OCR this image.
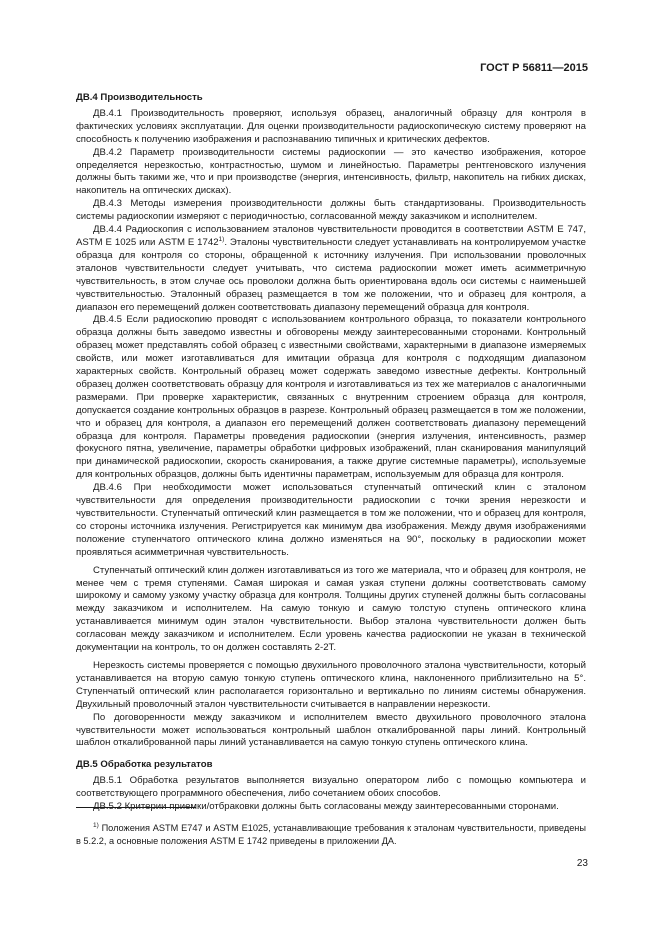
ГОСТ Р 56811—2015
ДВ.4 Производительность

ДВ.4.1 Производительность проверяют, используя образец, аналогичный образцу для контроля в фактических условиях эксплуатации. Для оценки производительности радиоскопическую систему проверяют на способность к получению изображения и распознаванию типичных и критических дефектов.

ДВ.4.2 Параметр производительности системы радиоскопии — это качество изображения, которое определяется нерезкостью, контрастностью, шумом и линейностью. Параметры рентгеновского излучения должны быть такими же, что и при производстве (энергия, интенсивность, фильтр, накопитель на гибких дисках, накопитель на оптических дисках).

ДВ.4.3 Методы измерения производительности должны быть стандартизованы. Производительность системы радиоскопии измеряют с периодичностью, согласованной между заказчиком и исполнителем.

ДВ.4.4 Радиоскопия с использованием эталонов чувствительности проводится в соответствии ASTM E 747, ASTM E 1025 или ASTM E 1742$^{1)}$. Эталоны чувствительности следует устанавливать на контролируемом участке образца для контроля со стороны, обращенной к источнику излучения. При использовании проволочных эталонов чувствительности следует учитывать, что система радиоскопии может иметь асимметричную чувствительность, в этом случае ось проволоки должна быть ориентирована вдоль оси системы с наименьшей чувствительностью. Эталонный образец размещается в том же положении, что и образец для контроля, а диапазон его перемещений должен соответствовать диапазону перемещений образца для контроля.

ДВ.4.5 Если радиоскопию проводят с использованием контрольного образца, то показатели контрольного образца должны быть заведомо известны и обговорены между заинтересованными сторонами. Контрольный образец может представлять собой образец с известными свойствами, характерными в диапазоне измеряемых свойств, или может изготавливаться для имитации образца для контроля с подходящим диапазоном характерных свойств. Контрольный образец может содержать заведомо известные дефекты. Контрольный образец должен соответствовать образцу для контроля и изготавливаться из тех же материалов с аналогичными размерами. При проверке характеристик, связанных с внутренним строением образца для контроля, допускается создание контрольных образцов в разрезе. Контрольный образец размещается в том же положении, что и образец для контроля, а диапазон его перемещений должен соответствовать диапазону перемещений образца для контроля. Параметры проведения радиоскопии (энергия излучения, интенсивность, размер фокусного пятна, увеличение, параметры обработки цифровых изображений, план сканирования манипуляций при динамической радиоскопии, скорость сканирования, а также другие системные параметры), используемые для контрольных образцов, должны быть идентичны параметрам, используемым для образца для контроля.

ДВ.4.6 При необходимости может использоваться ступенчатый оптический клин с эталоном чувствительности для определения производительности радиоскопии с точки зрения нерезкости и чувствительности. Ступенчатый оптический клин размещается в том же положении, что и образец для контроля, со стороны источника излучения. Регистрируется как минимум два изображения. Между двумя изображениями положение ступенчатого оптического клина должно изменяться на 90°, поскольку в радиоскопии может проявляться асимметричная чувствительность.

Ступенчатый оптический клин должен изготавливаться из того же материала, что и образец для контроля, не менее чем с тремя ступенями. Самая широкая и самая узкая ступени должны соответствовать самому широкому и самому узкому участку образца для контроля. Толщины других ступеней должны быть согласованы между заказчиком и исполнителем. На самую тонкую и самую толстую ступень оптического клина устанавливается минимум один эталон чувствительности. Выбор эталона чувствительности должен быть согласован между заказчиком и исполнителем. Если уровень качества радиоскопии не указан в технической документации на контроль, то он должен составлять 2-2Т.

Нерезкость системы проверяется с помощью двухильного проволочного эталона чувствительности, который устанавливается на вторую самую тонкую ступень оптического клина, наклоненного приблизительно на 5°. Ступенчатый оптический клин располагается горизонтально и вертикально по линиям системы обнаружения. Двухильный проволочный эталон чувствительности считывается в направлении нерезкости.

По договоренности между заказчиком и исполнителем вместо двухильного проволочного эталона чувствительности может использоваться контрольный шаблон откалиброванной пары линий. Контрольный шаблон откалиброванной пары линий устанавливается на самую тонкую ступень оптического клина.

ДВ.5 Обработка результатов

ДВ.5.1 Обработка результатов выполняется визуально оператором либо с помощью компьютера и соответствующего программного обеспечения, либо сочетанием обоих способов.

ДВ.5.2 Критерии приемки/отбраковки должны быть согласованы между заинтересованными сторонами.

$^{1)}$ Положения ASTM E747 и ASTM E1025, устанавливающие требования к эталонам чувствительности, приведены в 5.2.2, а основные положения ASTM E 1742 приведены в приложении ДА.

23
